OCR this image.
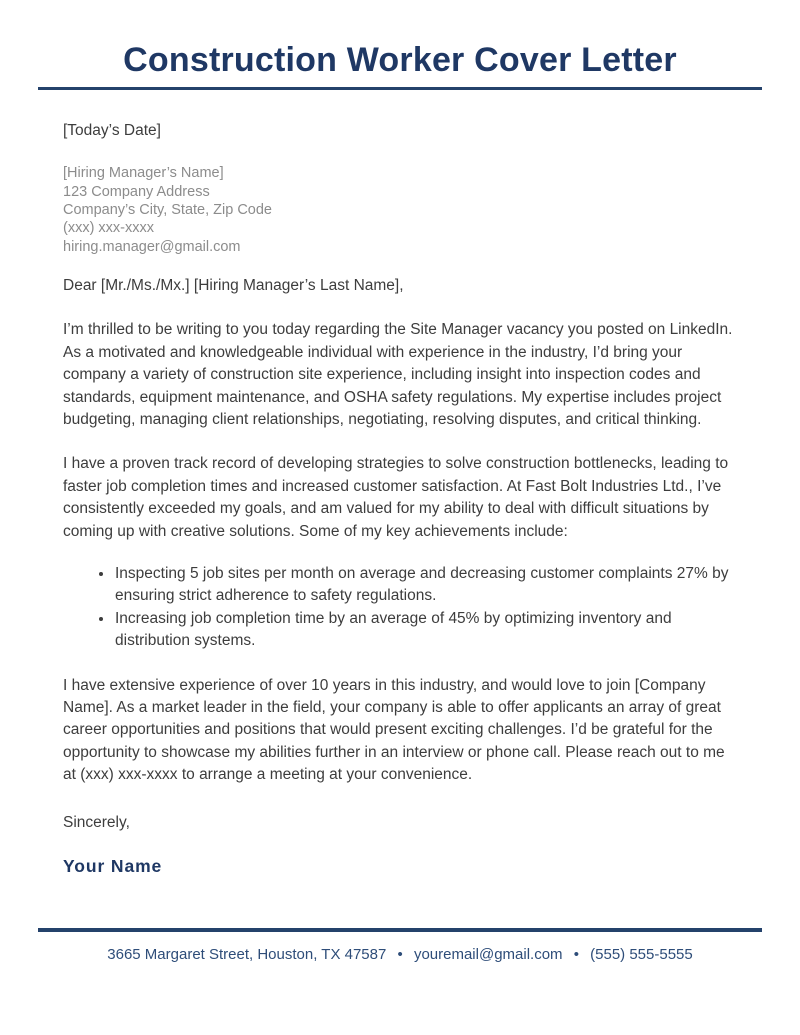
Construction Worker Cover Letter
[Today’s Date]
[Hiring Manager’s Name]
123 Company Address
Company’s City, State, Zip Code
(xxx) xxx-xxxx
hiring.manager@gmail.com
Dear [Mr./Ms./Mx.] [Hiring Manager’s Last Name],

I’m thrilled to be writing to you today regarding the Site Manager vacancy you posted on LinkedIn. As a motivated and knowledgeable individual with experience in the industry, I’d bring your company a variety of construction site experience, including insight into inspection codes and standards, equipment maintenance, and OSHA safety regulations. My expertise includes project budgeting, managing client relationships, negotiating, resolving disputes, and critical thinking.

I have a proven track record of developing strategies to solve construction bottlenecks, leading to faster job completion times and increased customer satisfaction. At Fast Bolt Industries Ltd., I’ve consistently exceeded my goals, and am valued for my ability to deal with difficult situations by coming up with creative solutions. Some of my key achievements include:

• Inspecting 5 job sites per month on average and decreasing customer complaints 27% by ensuring strict adherence to safety regulations.
• Increasing job completion time by an average of 45% by optimizing inventory and distribution systems.

I have extensive experience of over 10 years in this industry, and would love to join [Company Name]. As a market leader in the field, your company is able to offer applicants an array of great career opportunities and positions that would present exciting challenges. I’d be grateful for the opportunity to showcase my abilities further in an interview or phone call. Please reach out to me at (xxx) xxx-xxxx to arrange a meeting at your convenience.

Sincerely,
Your Name
3665 Margaret Street, Houston, TX 47587 • youremail@gmail.com • (555) 555-5555
